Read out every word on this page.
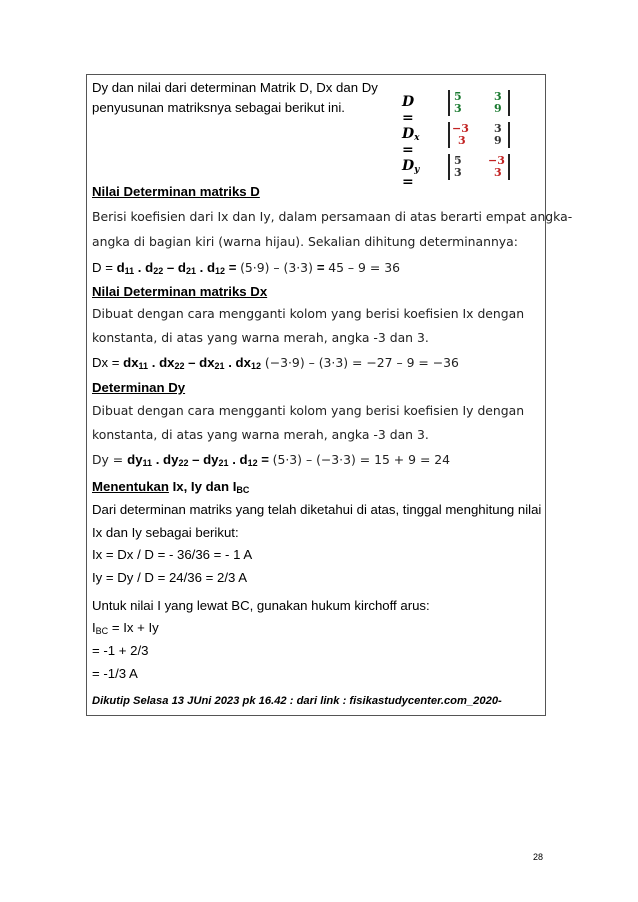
Dy dan nilai dari determinan Matrik D, Dx dan Dy
penyusunan matriksnya sebagai berikut ini.	D =
5
3
3
9
$D_x$ =
−3
3
3
9
$D_y$ =
5
3
−3
3
Nilai Determinan matriks D
Berisi koefisien dari Ix dan Iy, dalam persamaan di atas berarti empat angka-
angka di bagian kiri (warna hijau). Sekalian dihitung determinannya:
$D = d_{11}$ . $d_{22} - d_{21}$ . $d_{12} = (5\cdot 9) - (3\cdot 3) = 45 - 9 = 36$
Nilai Determinan matriks Dx
Dibuat dengan cara mengganti kolom yang berisi koefisien Ix dengan
konstanta, di atas yang warna merah, angka -3 dan 3.
$Dx = dx_{11}$ . $dx_{22} - dx_{21}$ . $dx_{12}$ (−3·9) – (3·3) = −27 – 9 = −36
Determinan Dy
Dibuat dengan cara mengganti kolom yang berisi koefisien Iy dengan
konstanta, di atas yang warna merah, angka -3 dan 3.
$Dy = dy_{11}$ . $dy_{22} - dy_{21}$ . $d_{12} = (5\cdot 3) - (-3\cdot 3) = 15 + 9 = 24$
Menentukan Ix, Iy dan $I_{BC}$
Dari determinan matriks yang telah diketahui di atas, tinggal menghitung nilai
Ix dan Iy sebagai berikut:
Ix = Dx / D = - 36/36 = - 1 A
Iy = Dy / D = 24/36 = 2/3 A
Untuk nilai I yang lewat BC, gunakan hukum kirchoff arus:
$I_{BC} = Ix + Iy$
= -1 + 2/3
= -1/3 A
Dikutip Selasa 13 JUni 2023 pk 16.42 : dari link : fisikastudycenter.com_2020-
28
